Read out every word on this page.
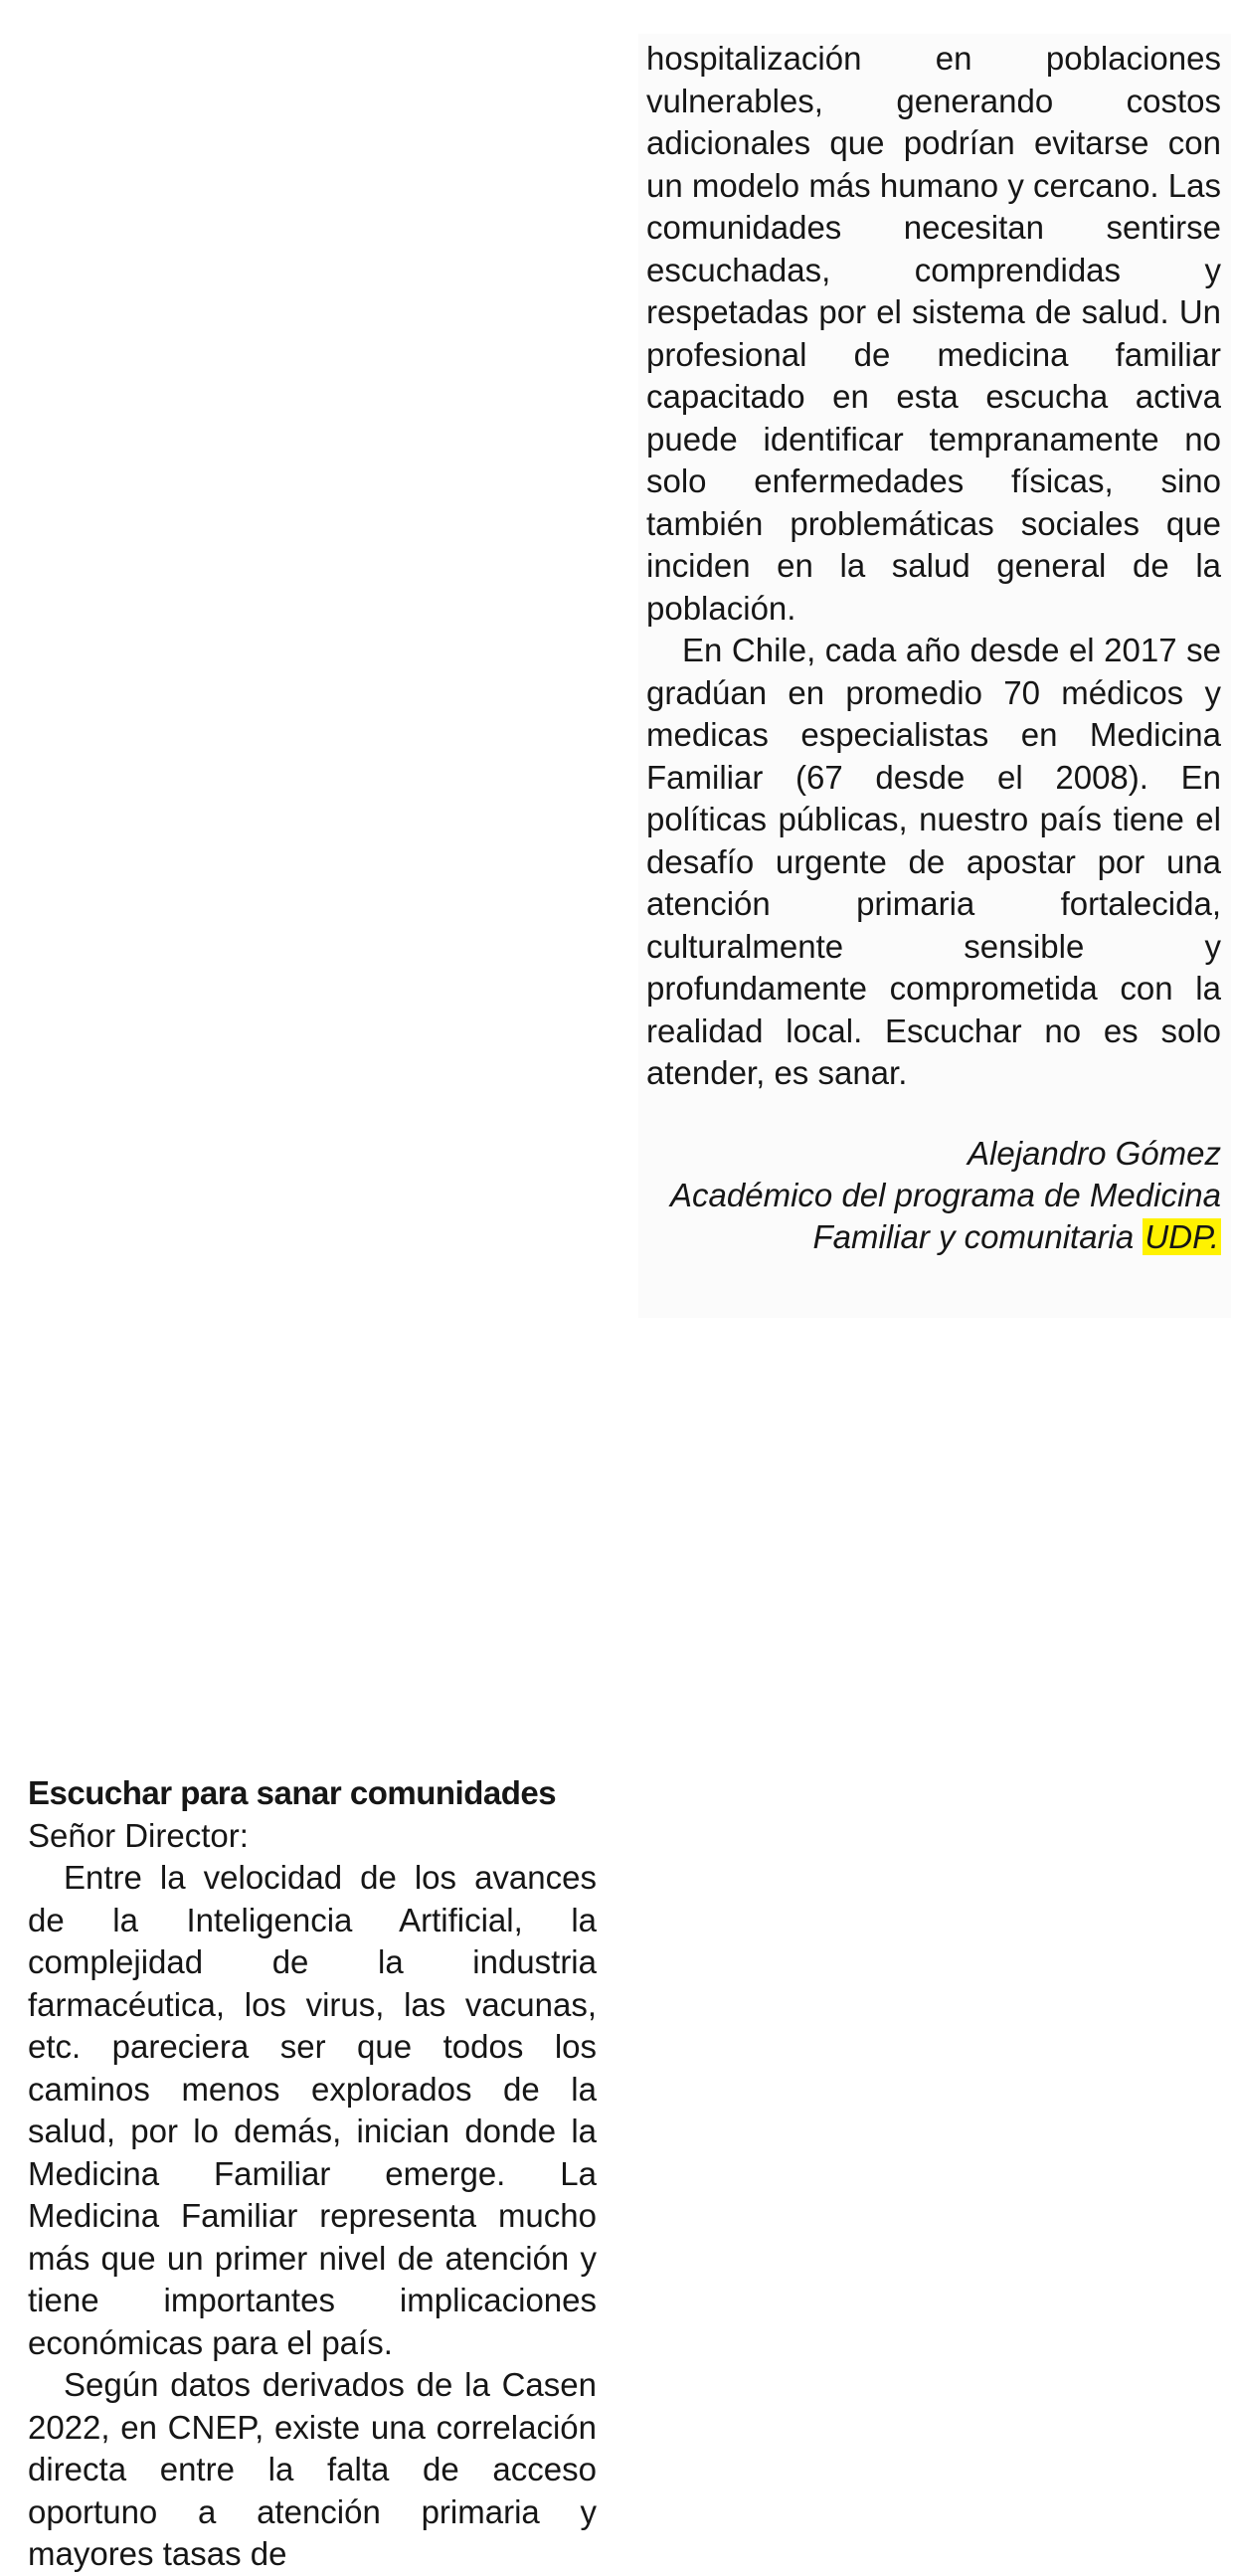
hospitalización en poblaciones vulnerables, generando costos adicionales que podrían evitarse con un modelo más humano y cercano. Las comunidades necesitan sentirse escuchadas, comprendidas y respetadas por el sistema de salud. Un profesional de medicina familiar capacitado en esta escucha activa puede identificar tempranamente no solo enfermedades físicas, sino también problemáticas sociales que inciden en la salud general de la población.

En Chile, cada año desde el 2017 se gradúan en promedio 70 médicos y medicas especialistas en Medicina Familiar (67 desde el 2008). En políticas públicas, nuestro país tiene el desafío urgente de apostar por una atención primaria fortalecida, culturalmente sensible y profundamente comprometida con la realidad local. Escuchar no es solo atender, es sanar.

Alejandro Gómez
Académico del programa de Medicina
Familiar y comunitaria UDP.
Escuchar para sanar comunidades
Señor Director:

Entre la velocidad de los avances de la Inteligencia Artificial, la complejidad de la industria farmacéutica, los virus, las vacunas, etc. pareciera ser que todos los caminos menos explorados de la salud, por lo demás, inician donde la Medicina Familiar emerge. La Medicina Familiar representa mucho más que un primer nivel de atención y tiene importantes implicaciones económicas para el país.

Según datos derivados de la Casen 2022, en CNEP, existe una correlación directa entre la falta de acceso oportuno a atención primaria y mayores tasas de
